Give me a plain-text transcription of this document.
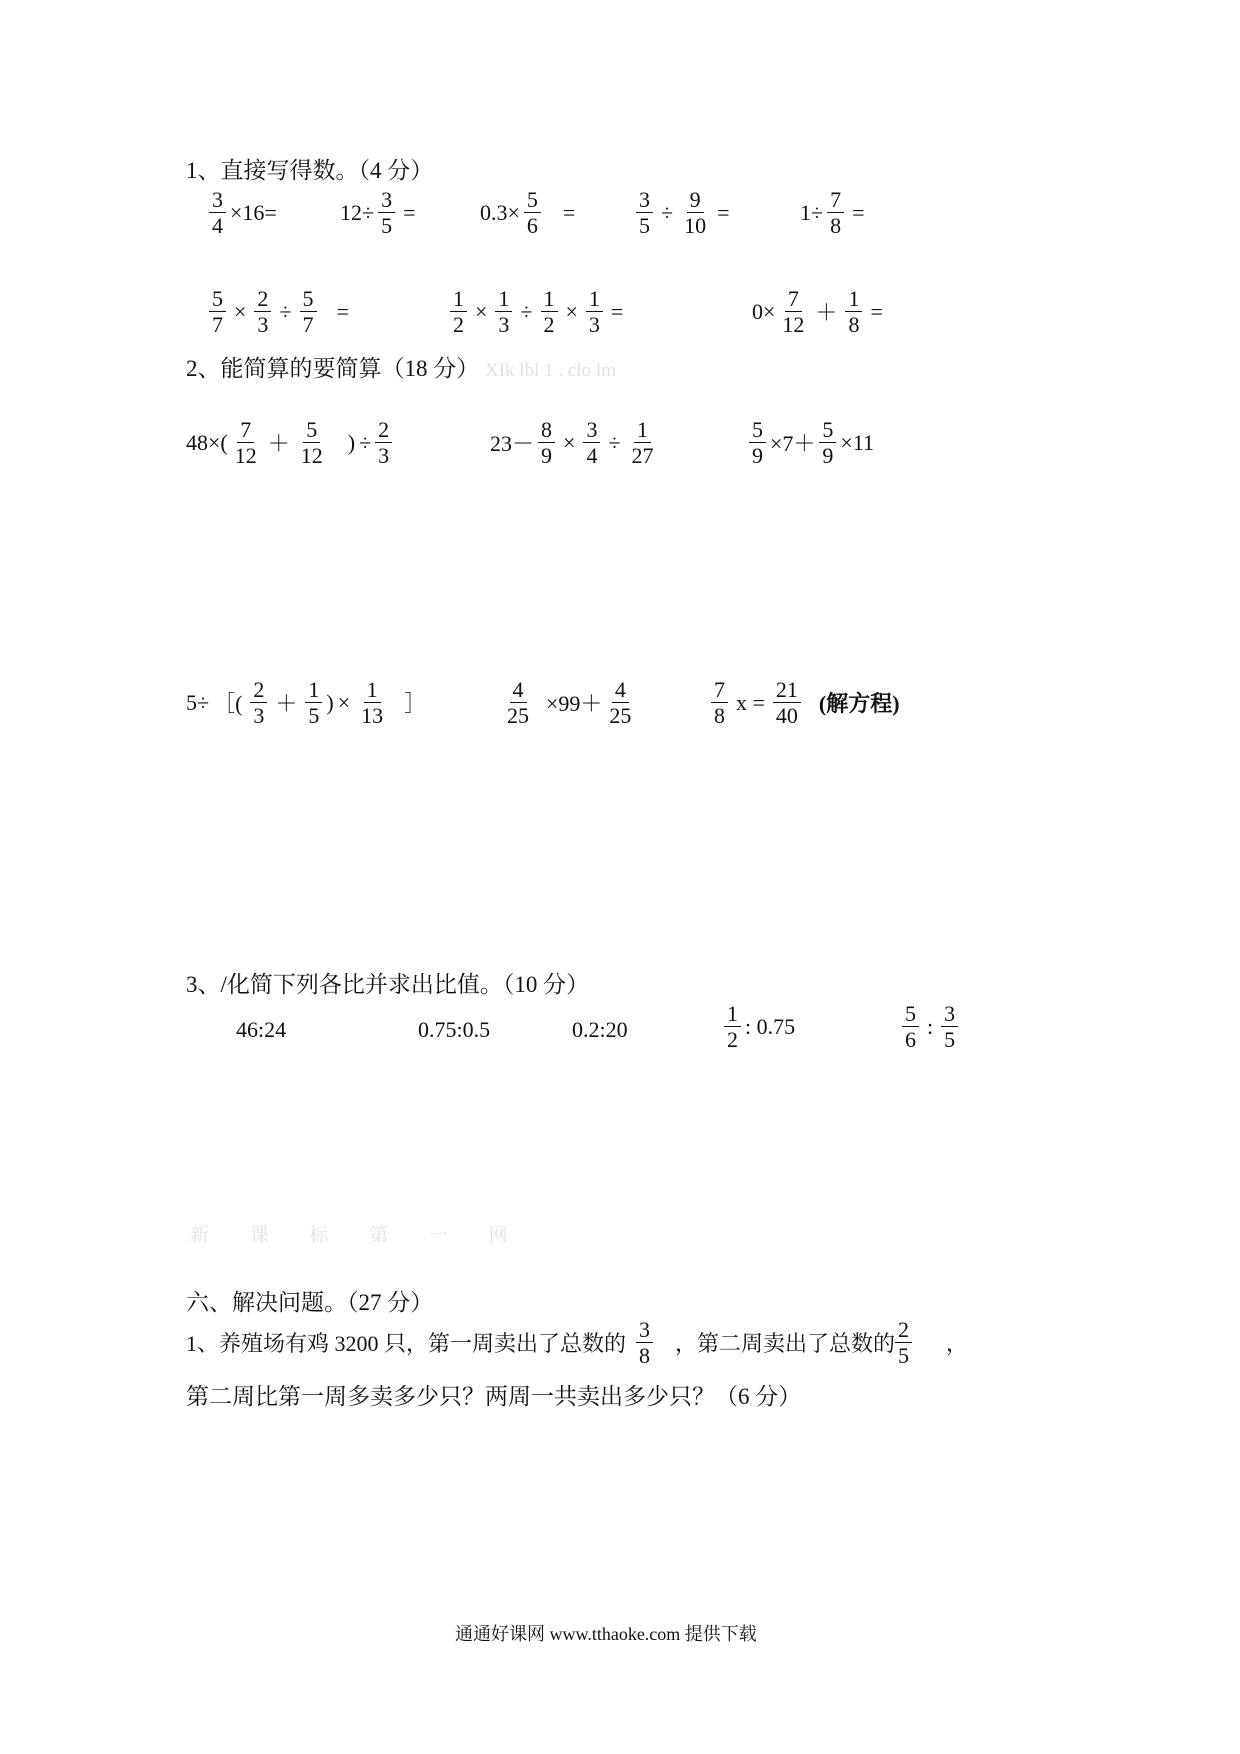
1、直接写得数。（4 分）
$\frac{3}{4} \times 16=$	$12\div \frac{3}{5}$ =	$0.3\times \frac{5}{6}$ =	$\frac{3}{5} \div \frac{9}{10}$ =	$1\div \frac{7}{8}$ =
$\frac{5}{7} \times \frac{2}{3} \div \frac{5}{7}$ =	$\frac{1}{2} \times \frac{1}{3} \div \frac{1}{2} \times \frac{1}{3}$ =	$0\times \frac{7}{12} + \frac{1}{8}$ =
2、能简算的要简算（18 分） XIk lbl 1 . clo lm
$48\times( \frac{7}{12} + \frac{5}{12}$ ) ÷ $\frac{2}{3}$	$23- \frac{8}{9} \times \frac{3}{4} \div \frac{1}{27}$	$\frac{5}{9} \times 7+ \frac{5}{9} \times 11$
5÷ ［( $\frac{2}{3} + \frac{1}{5}$ ) × $\frac{1}{13}$ ］	$\frac{4}{25} \times 99+ \frac{4}{25}$	$\frac{7}{8}$ $x = \frac{21}{40}$ (解方程)
3、/化简下列各比并求出比值。（10 分）
46:24	0.75:0.5	0.2:20	$\frac{1}{2}$ : 0.75	$\frac{5}{6}$ : $\frac{3}{5}$
新 课 标 第 一 网
六、解决问题。（27 分）
1、养殖场有鸡 3200 只，第一周卖出了总数的 $\frac{3}{8}$ ，第二周卖出了总数的 $\frac{2}{5}$ ，
第二周比第一周多卖多少只？两周一共卖出多少只？（6 分）
通通好课网 www.tthaoke.com 提供下载
